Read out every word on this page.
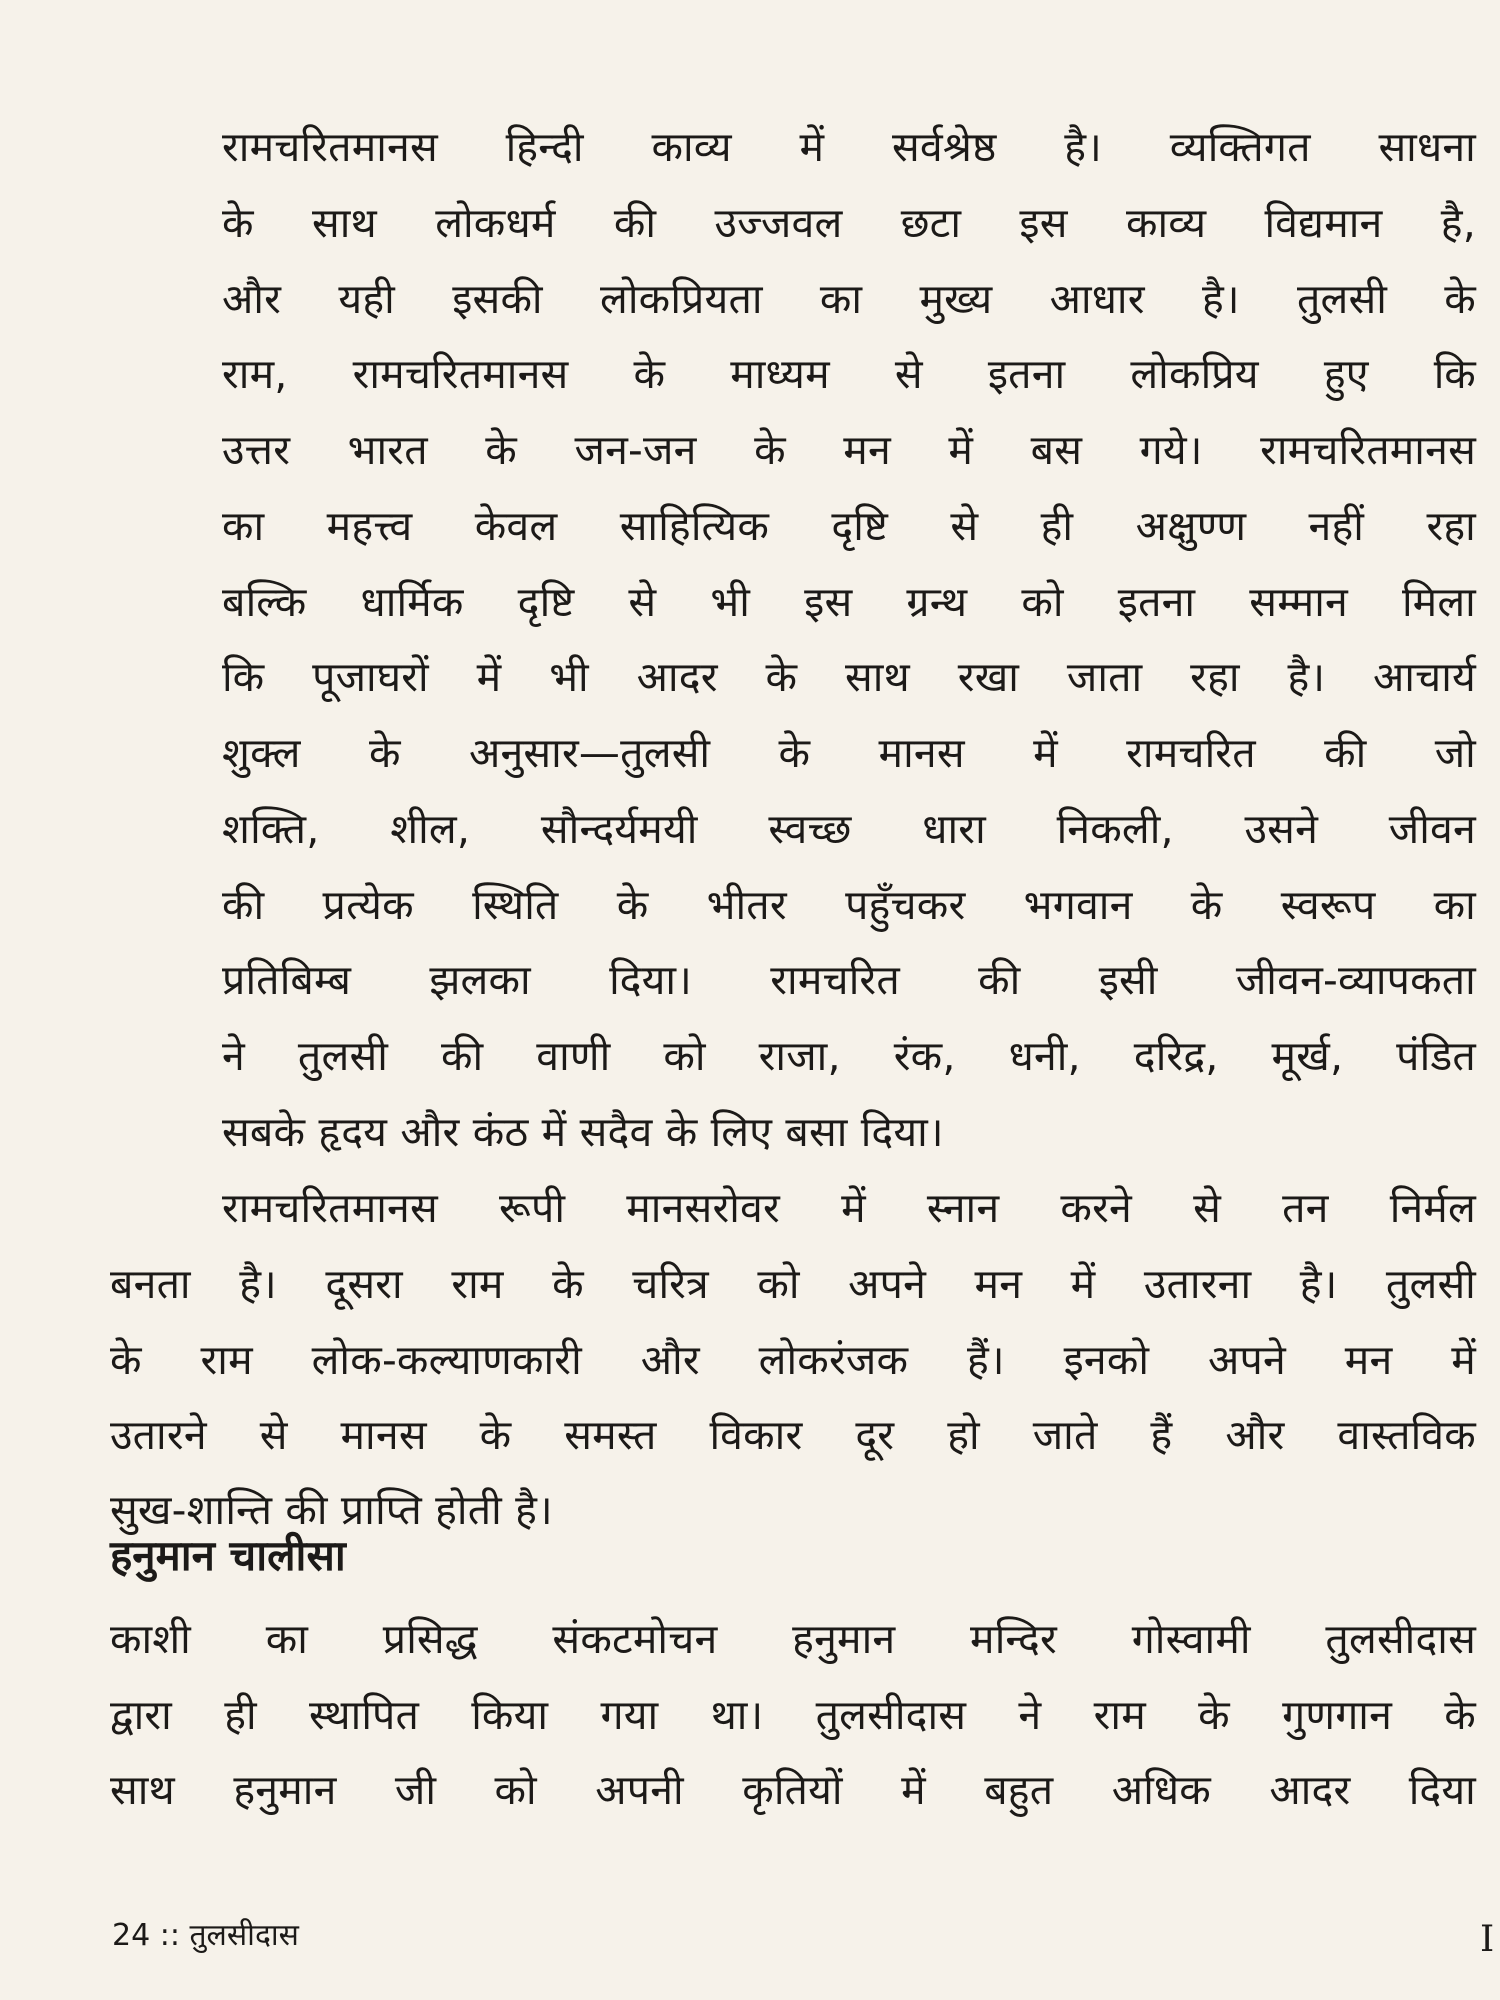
रामचरितमानस हिन्दी काव्य में सर्वश्रेष्ठ है। व्यक्तिगत साधना
के साथ लोकधर्म की उज्जवल छटा इस काव्य विद्यमान है,
और यही इसकी लोकप्रियता का मुख्य आधार है। तुलसी के
राम, रामचरितमानस के माध्यम से इतना लोकप्रिय हुए कि
उत्तर भारत के जन-जन के मन में बस गये। रामचरितमानस
का महत्त्व केवल साहित्यिक दृष्टि से ही अक्षुण्ण नहीं रहा
बल्कि धार्मिक दृष्टि से भी इस ग्रन्थ को इतना सम्मान मिला
कि पूजाघरों में भी आदर के साथ रखा जाता रहा है। आचार्य
शुक्ल के अनुसार—तुलसी के मानस में रामचरित की जो
शक्ति, शील, सौन्दर्यमयी स्वच्छ धारा निकली, उसने जीवन
की प्रत्येक स्थिति के भीतर पहुँचकर भगवान के स्वरूप का
प्रतिबिम्ब झलका दिया। रामचरित की इसी जीवन-व्यापकता
ने तुलसी की वाणी को राजा, रंक, धनी, दरिद्र, मूर्ख, पंडित
सबके हृदय और कंठ में सदैव के लिए बसा दिया।
रामचरितमानस रूपी मानसरोवर में स्नान करने से तन निर्मल
बनता है। दूसरा राम के चरित्र को अपने मन में उतारना है। तुलसी
के राम लोक-कल्याणकारी और लोकरंजक हैं। इनको अपने मन में
उतारने से मानस के समस्त विकार दूर हो जाते हैं और वास्तविक
सुख-शान्ति की प्राप्ति होती है।
हनुमान चालीसा
काशी का प्रसिद्ध संकटमोचन हनुमान मन्दिर गोस्वामी तुलसीदास
द्वारा ही स्थापित किया गया था। तुलसीदास ने राम के गुणगान के
साथ हनुमान जी को अपनी कृतियों में बहुत अधिक आदर दिया
24 :: तुलसीदास	I
